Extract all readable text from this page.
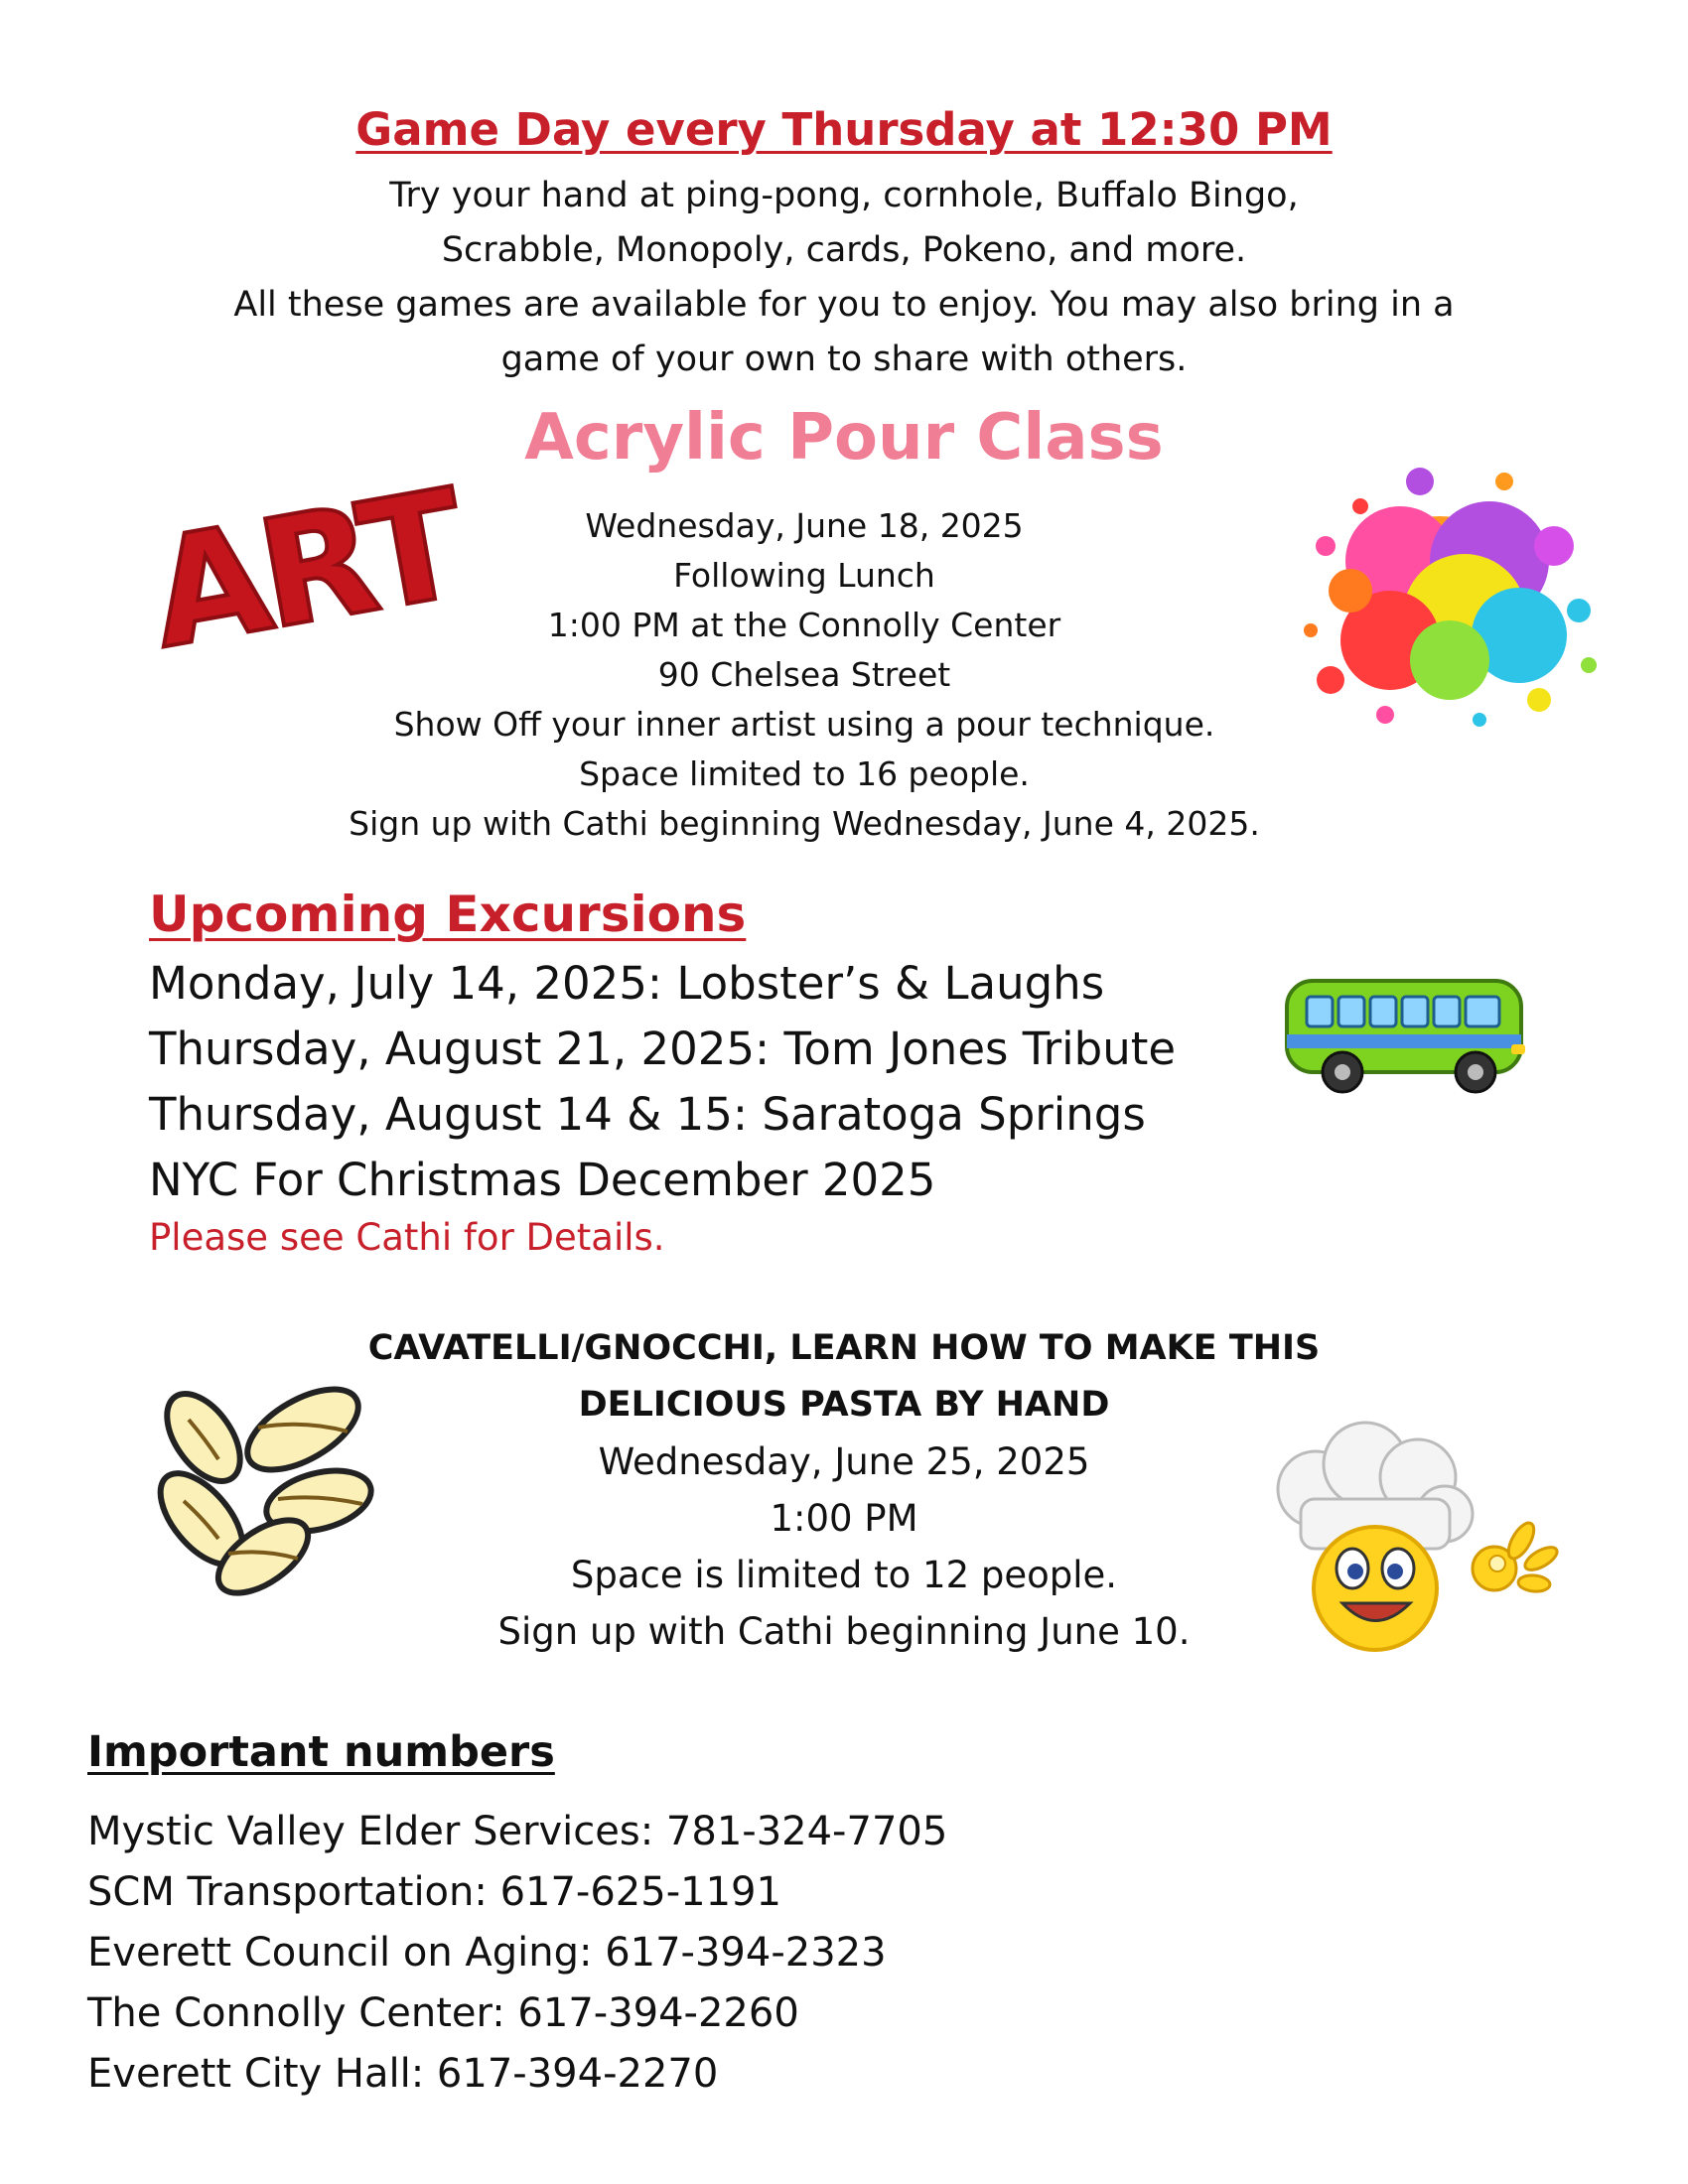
Game Day every Thursday at 12:30 PM
Try your hand at ping-pong, cornhole, Buffalo Bingo,
Scrabble, Monopoly, cards, Pokeno, and more.
All these games are available for you to enjoy. You may also bring in a
game of your own to share with others.
ART
Acrylic Pour Class
Wednesday, June 18, 2025
Following Lunch
1:00 PM at the Connolly Center
90 Chelsea Street
Show Off your inner artist using a pour technique.
Space limited to 16 people.
Sign up with Cathi beginning Wednesday, June 4, 2025.
Upcoming Excursions
Monday, July 14, 2025: Lobster’s & Laughs
Thursday, August 21, 2025: Tom Jones Tribute
Thursday, August 14 & 15: Saratoga Springs
NYC For Christmas December 2025
Please see Cathi for Details.
CAVATELLI/GNOCCHI, LEARN HOW TO MAKE THIS
DELICIOUS PASTA BY HAND
Wednesday, June 25, 2025
1:00 PM
Space is limited to 12 people.
Sign up with Cathi beginning June 10.
Important numbers
Mystic Valley Elder Services: 781-324-7705
SCM Transportation: 617-625-1191
Everett Council on Aging: 617-394-2323
The Connolly Center: 617-394-2260
Everett City Hall: 617-394-2270
